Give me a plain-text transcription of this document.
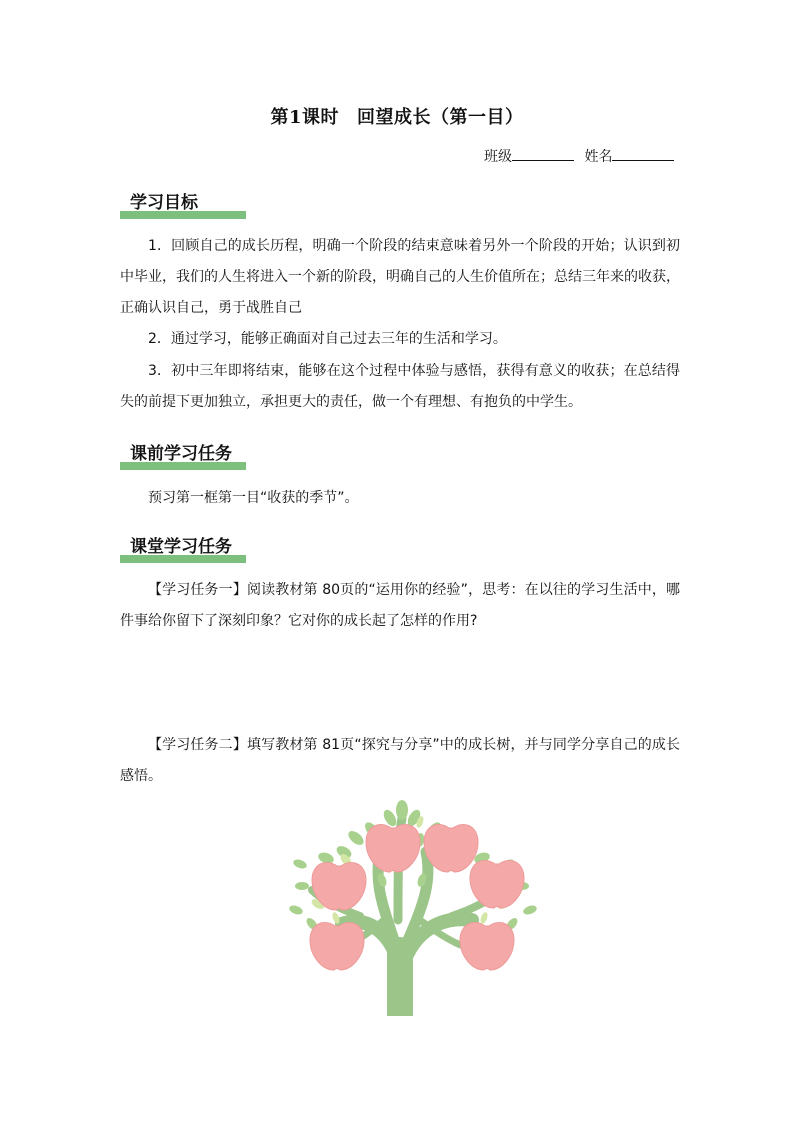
第1课时 回望成长（第一目）
班级	姓名
学习目标
1．回顾自己的成长历程，明确一个阶段的结束意味着另外一个阶段的开始；认识到初中毕业，我们的人生将进入一个新的阶段，明确自己的人生价值所在；总结三年来的收获，正确认识自己，勇于战胜自己
2．通过学习，能够正确面对自己过去三年的生活和学习。
3．初中三年即将结束，能够在这个过程中体验与感悟，获得有意义的收获；在总结得失的前提下更加独立，承担更大的责任，做一个有理想、有抱负的中学生。
课前学习任务
预习第一框第一目“收获的季节”。
课堂学习任务
【学习任务一】阅读教材第 80页的“运用你的经验”，思考：在以往的学习生活中，哪件事给你留下了深刻印象？它对你的成长起了怎样的作用?
【学习任务二】填写教材第 81页“探究与分享”中的成长树，并与同学分享自己的成长感悟。
